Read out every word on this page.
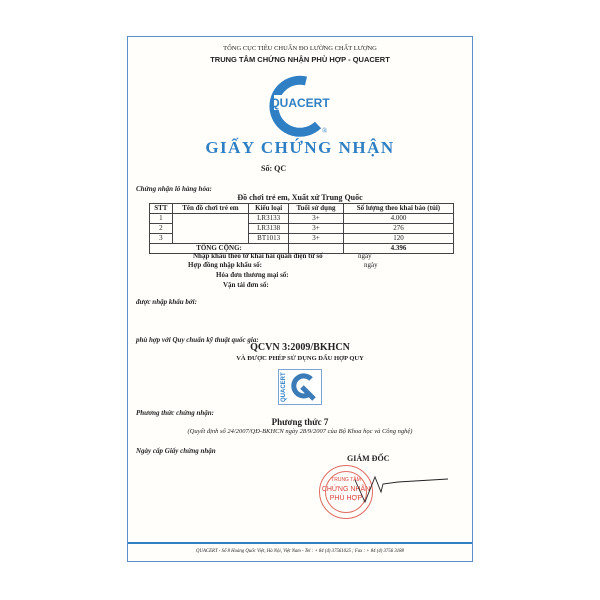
TỔNG CỤC TIÊU CHUẨN ĐO LƯỜNG CHẤT LƯỢNG
TRUNG TÂM CHỨNG NHẬN PHÙ HỢP - QUACERT
QUACERT
®
GIẤY CHỨNG NHẬN
Số: QC
Chứng nhận lô hàng hóa:
Đồ chơi trẻ em, Xuất xứ Trung Quốc
STT	Tên đồ chơi trẻ em	Kiểu loại	Tuổi sử dụng	Số lượng theo khai báo (túi)
1		LR3133	3+	4.000
2		LR3138	3+	276
3		BT1013	3+	120
TỔNG CỘNG:				4.396
Nhập khẩu theo tờ khai hải quan điện tử số	ngày
Hợp đồng nhập khẩu số:	ngày
Hóa đơn thương mại số:
Vận tải đơn số:
được nhập khẩu bởi:
phù hợp với Quy chuẩn kỹ thuật quốc gia:
QCVN 3:2009/BKHCN
VÀ ĐƯỢC PHÉP SỬ DỤNG DẤU HỢP QUY
QUACERT
Phương thức chứng nhận:
Phương thức 7
(Quyết định số 24/2007/QĐ-BKHCN ngày 28/9/2007 của Bộ Khoa học và Công nghệ)
Ngày cấp Giấy chứng nhận
GIÁM ĐỐC
TRUNG TÂM
CHỨNG NHẬN
PHÙ HỢP
QUACERT - Số 8 Hoàng Quốc Việt, Hà Nội, Việt Nam - Tel : + 84 (4) 37561025 ; Fax : + 84 (4) 3756 3188
